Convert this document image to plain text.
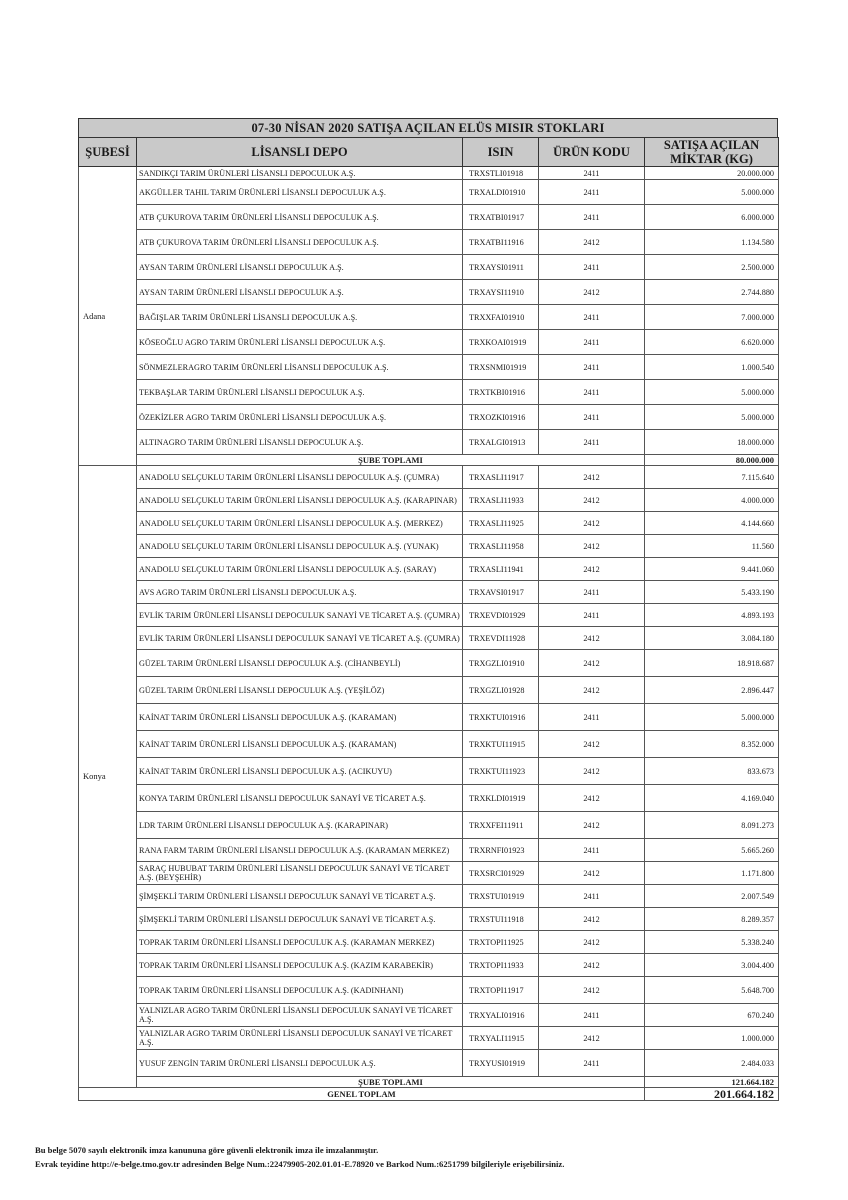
07-30 NİSAN 2020 SATIŞA AÇILAN ELÜS MISIR STOKLARI
ŞUBESİ	LİSANSLI DEPO	ISIN	ÜRÜN KODU	SATIŞA AÇILAN
MİKTAR (KG)

Adana	SANDIKÇI TARIM ÜRÜNLERİ LİSANSLI DEPOCULUK A.Ş.	TRXSTLI01918	2411	20.000.000
	AKGÜLLER TAHIL TARIM ÜRÜNLERİ LİSANSLI DEPOCULUK A.Ş.	TRXALDI01910	2411	5.000.000
	ATB ÇUKUROVA TARIM ÜRÜNLERİ LİSANSLI DEPOCULUK A.Ş.	TRXATBI01917	2411	6.000.000
	ATB ÇUKUROVA TARIM ÜRÜNLERİ LİSANSLI DEPOCULUK A.Ş.	TRXATBI11916	2412	1.134.580
	AYSAN TARIM ÜRÜNLERİ LİSANSLI DEPOCULUK A.Ş.	TRXAYSI01911	2411	2.500.000
	AYSAN TARIM ÜRÜNLERİ LİSANSLI DEPOCULUK A.Ş.	TRXAYSI11910	2412	2.744.880
	BAĞIŞLAR TARIM ÜRÜNLERİ LİSANSLI DEPOCULUK A.Ş.	TRXXFAI01910	2411	7.000.000
	KÖSEOĞLU AGRO TARIM ÜRÜNLERİ LİSANSLI DEPOCULUK A.Ş.	TRXKOAI01919	2411	6.620.000
	SÖNMEZLERAGRO TARIM ÜRÜNLERİ LİSANSLI DEPOCULUK A.Ş.	TRXSNMI01919	2411	1.000.540
	TEKBAŞLAR TARIM ÜRÜNLERİ LİSANSLI DEPOCULUK A.Ş.	TRXTKBI01916	2411	5.000.000
	ÖZEKİZLER AGRO TARIM ÜRÜNLERİ LİSANSLI DEPOCULUK A.Ş.	TRXOZKI01916	2411	5.000.000
	ALTINAGRO TARIM ÜRÜNLERİ LİSANSLI DEPOCULUK A.Ş.	TRXALGI01913	2411	18.000.000
	ŞUBE TOPLAMI			80.000.000
Konya	ANADOLU SELÇUKLU TARIM ÜRÜNLERİ LİSANSLI DEPOCULUK A.Ş. (ÇUMRA)	TRXASLI11917	2412	7.115.640
	ANADOLU SELÇUKLU TARIM ÜRÜNLERİ LİSANSLI DEPOCULUK A.Ş. (KARAPINAR)	TRXASLI11933	2412	4.000.000
	ANADOLU SELÇUKLU TARIM ÜRÜNLERİ LİSANSLI DEPOCULUK A.Ş. (MERKEZ)	TRXASLI11925	2412	4.144.660
	ANADOLU SELÇUKLU TARIM ÜRÜNLERİ LİSANSLI DEPOCULUK A.Ş. (YUNAK)	TRXASLI11958	2412	11.560
	ANADOLU SELÇUKLU TARIM ÜRÜNLERİ LİSANSLI DEPOCULUK A.Ş. (SARAY)	TRXASLI11941	2412	9.441.060
	AVS AGRO TARIM ÜRÜNLERİ LİSANSLI DEPOCULUK A.Ş.	TRXAVSI01917	2411	5.433.190
	EVLİK TARIM ÜRÜNLERİ LİSANSLI DEPOCULUK SANAYİ VE TİCARET A.Ş. (ÇUMRA)	TRXEVDI01929	2411	4.893.193
	EVLİK TARIM ÜRÜNLERİ LİSANSLI DEPOCULUK SANAYİ VE TİCARET A.Ş. (ÇUMRA)	TRXEVDI11928	2412	3.084.180
	GÜZEL TARIM ÜRÜNLERİ LİSANSLI DEPOCULUK A.Ş. (CİHANBEYLİ)	TRXGZLI01910	2412	18.918.687
	GÜZEL TARIM ÜRÜNLERİ LİSANSLI DEPOCULUK A.Ş. (YEŞİLÖZ)	TRXGZLI01928	2412	2.896.447
	KAİNAT TARIM ÜRÜNLERİ LİSANSLI DEPOCULUK A.Ş. (KARAMAN)	TRXKTUI01916	2411	5.000.000
	KAİNAT TARIM ÜRÜNLERİ LİSANSLI DEPOCULUK A.Ş. (KARAMAN)	TRXKTUI11915	2412	8.352.000
	KAİNAT TARIM ÜRÜNLERİ LİSANSLI DEPOCULUK A.Ş. (ACIKUYU)	TRXKTUI11923	2412	833.673
	KONYA TARIM ÜRÜNLERİ LİSANSLI DEPOCULUK SANAYİ VE TİCARET A.Ş.	TRXKLDI01919	2412	4.169.040
	LDR TARIM ÜRÜNLERİ LİSANSLI DEPOCULUK A.Ş. (KARAPINAR)	TRXXFEI11911	2412	8.091.273
	RANA FARM TARIM ÜRÜNLERİ LİSANSLI DEPOCULUK A.Ş. (KARAMAN MERKEZ)	TRXRNFI01923	2411	5.665.260
	SARAÇ HUBUBAT TARIM ÜRÜNLERİ LİSANSLI DEPOCULUK SANAYİ VE TİCARET A.Ş. (BEYŞEHİR)	TRXSRCI01929	2412	1.171.800
	ŞİMŞEKLİ TARIM ÜRÜNLERİ LİSANSLI DEPOCULUK SANAYİ VE TİCARET A.Ş.	TRXSTUI01919	2411	2.007.549
	ŞİMŞEKLİ TARIM ÜRÜNLERİ LİSANSLI DEPOCULUK SANAYİ VE TİCARET A.Ş.	TRXSTUI11918	2412	8.289.357
	TOPRAK TARIM ÜRÜNLERİ LİSANSLI DEPOCULUK A.Ş. (KARAMAN MERKEZ)	TRXTOPI11925	2412	5.338.240
	TOPRAK TARIM ÜRÜNLERİ LİSANSLI DEPOCULUK A.Ş. (KAZIM KARABEKİR)	TRXTOPI11933	2412	3.004.400
	TOPRAK TARIM ÜRÜNLERİ LİSANSLI DEPOCULUK A.Ş. (KADINHANI)	TRXTOPI11917	2412	5.648.700
	YALNIZLAR AGRO TARIM ÜRÜNLERİ LİSANSLI DEPOCULUK SANAYİ VE TİCARET A.Ş.	TRXYALI01916	2411	670.240
	YALNIZLAR AGRO TARIM ÜRÜNLERİ LİSANSLI DEPOCULUK SANAYİ VE TİCARET A.Ş.	TRXYALI11915	2412	1.000.000
	YUSUF ZENGİN TARIM ÜRÜNLERİ LİSANSLI DEPOCULUK A.Ş.	TRXYUSI01919	2411	2.484.033
	ŞUBE TOPLAMI			121.664.182
GENEL TOPLAM				201.664.182
Bu belge 5070 sayılı elektronik imza kanununa göre güvenli elektronik imza ile imzalanmıştır.
Evrak teyidine http://e-belge.tmo.gov.tr adresinden Belge Num.:22479905-202.01.01-E.78920 ve Barkod Num.:6251799 bilgileriyle erişebilirsiniz.
